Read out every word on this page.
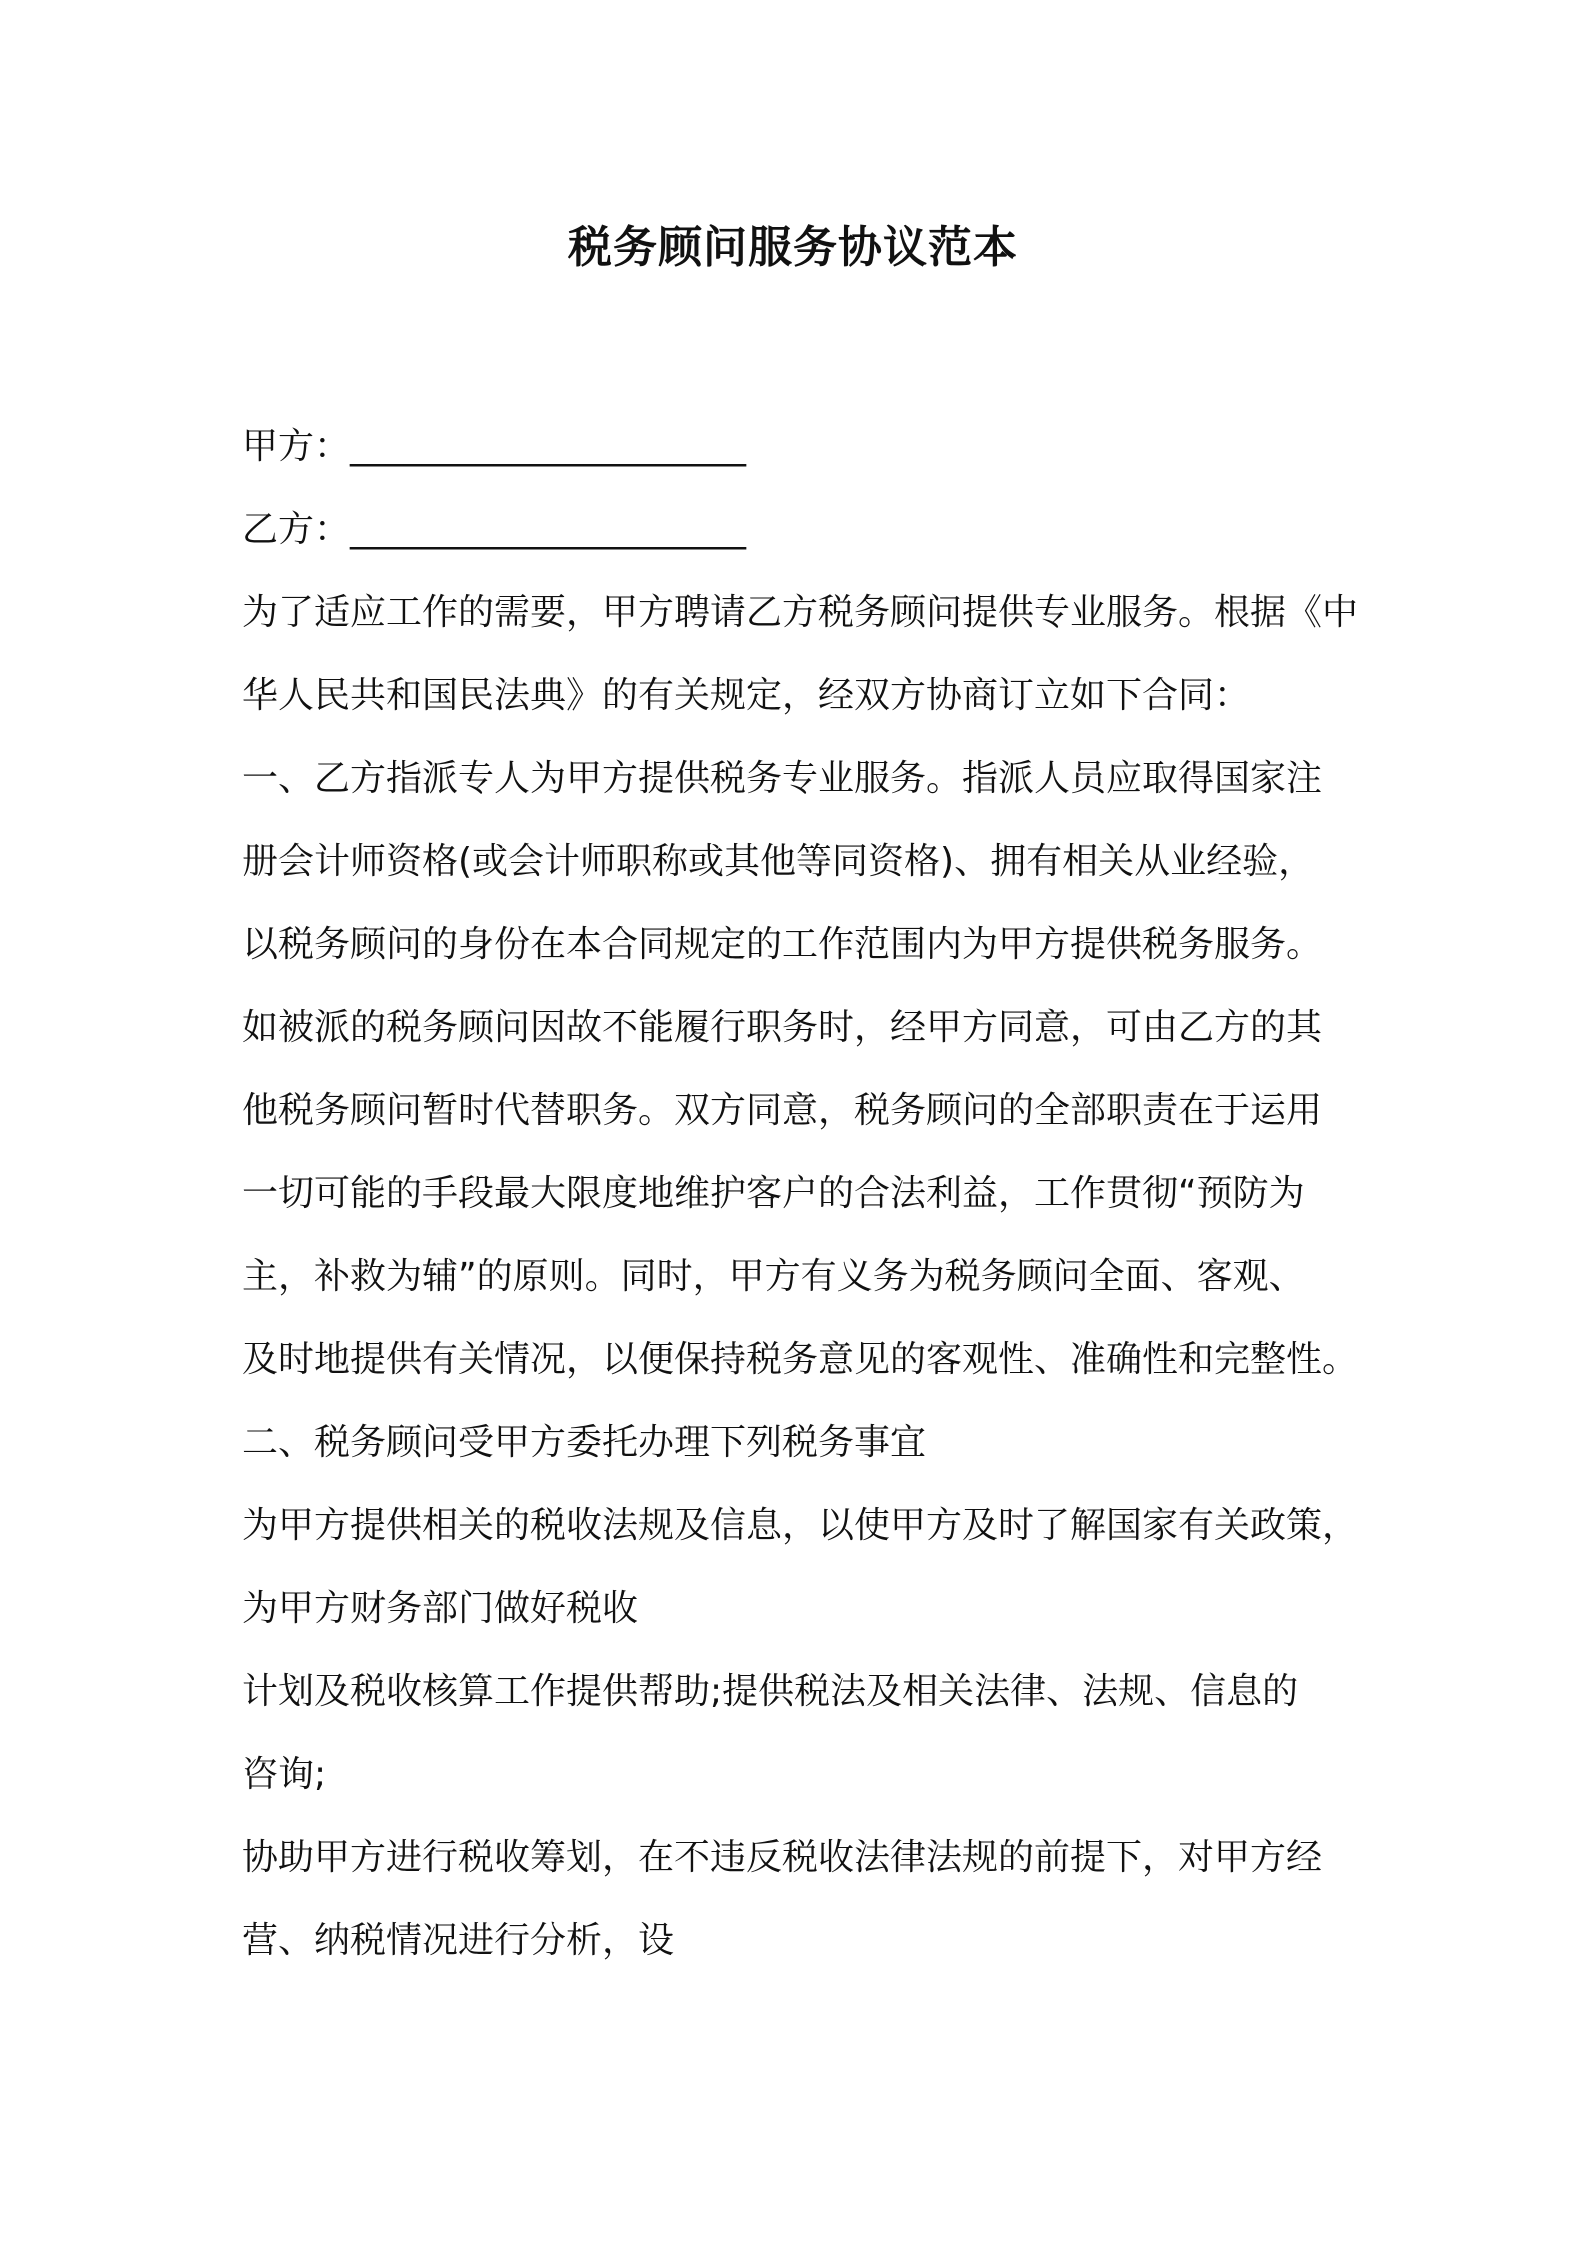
税务顾问服务协议范本
甲方：______________________
乙方：______________________
为了适应工作的需要，甲方聘请乙方税务顾问提供专业服务。根据《中
华人民共和国民法典》的有关规定，经双方协商订立如下合同：
一、乙方指派专人为甲方提供税务专业服务。指派人员应取得国家注
册会计师资格(或会计师职称或其他等同资格)、拥有相关从业经验，
以税务顾问的身份在本合同规定的工作范围内为甲方提供税务服务。
如被派的税务顾问因故不能履行职务时，经甲方同意，可由乙方的其
他税务顾问暂时代替职务。双方同意，税务顾问的全部职责在于运用
一切可能的手段最大限度地维护客户的合法利益，工作贯彻“预防为
主，补救为辅”的原则。同时，甲方有义务为税务顾问全面、客观、
及时地提供有关情况，以便保持税务意见的客观性、准确性和完整性。
二、税务顾问受甲方委托办理下列税务事宜
为甲方提供相关的税收法规及信息，以使甲方及时了解国家有关政策，
为甲方财务部门做好税收
计划及税收核算工作提供帮助;提供税法及相关法律、法规、信息的
咨询;
协助甲方进行税收筹划，在不违反税收法律法规的前提下，对甲方经
营、纳税情况进行分析，设
